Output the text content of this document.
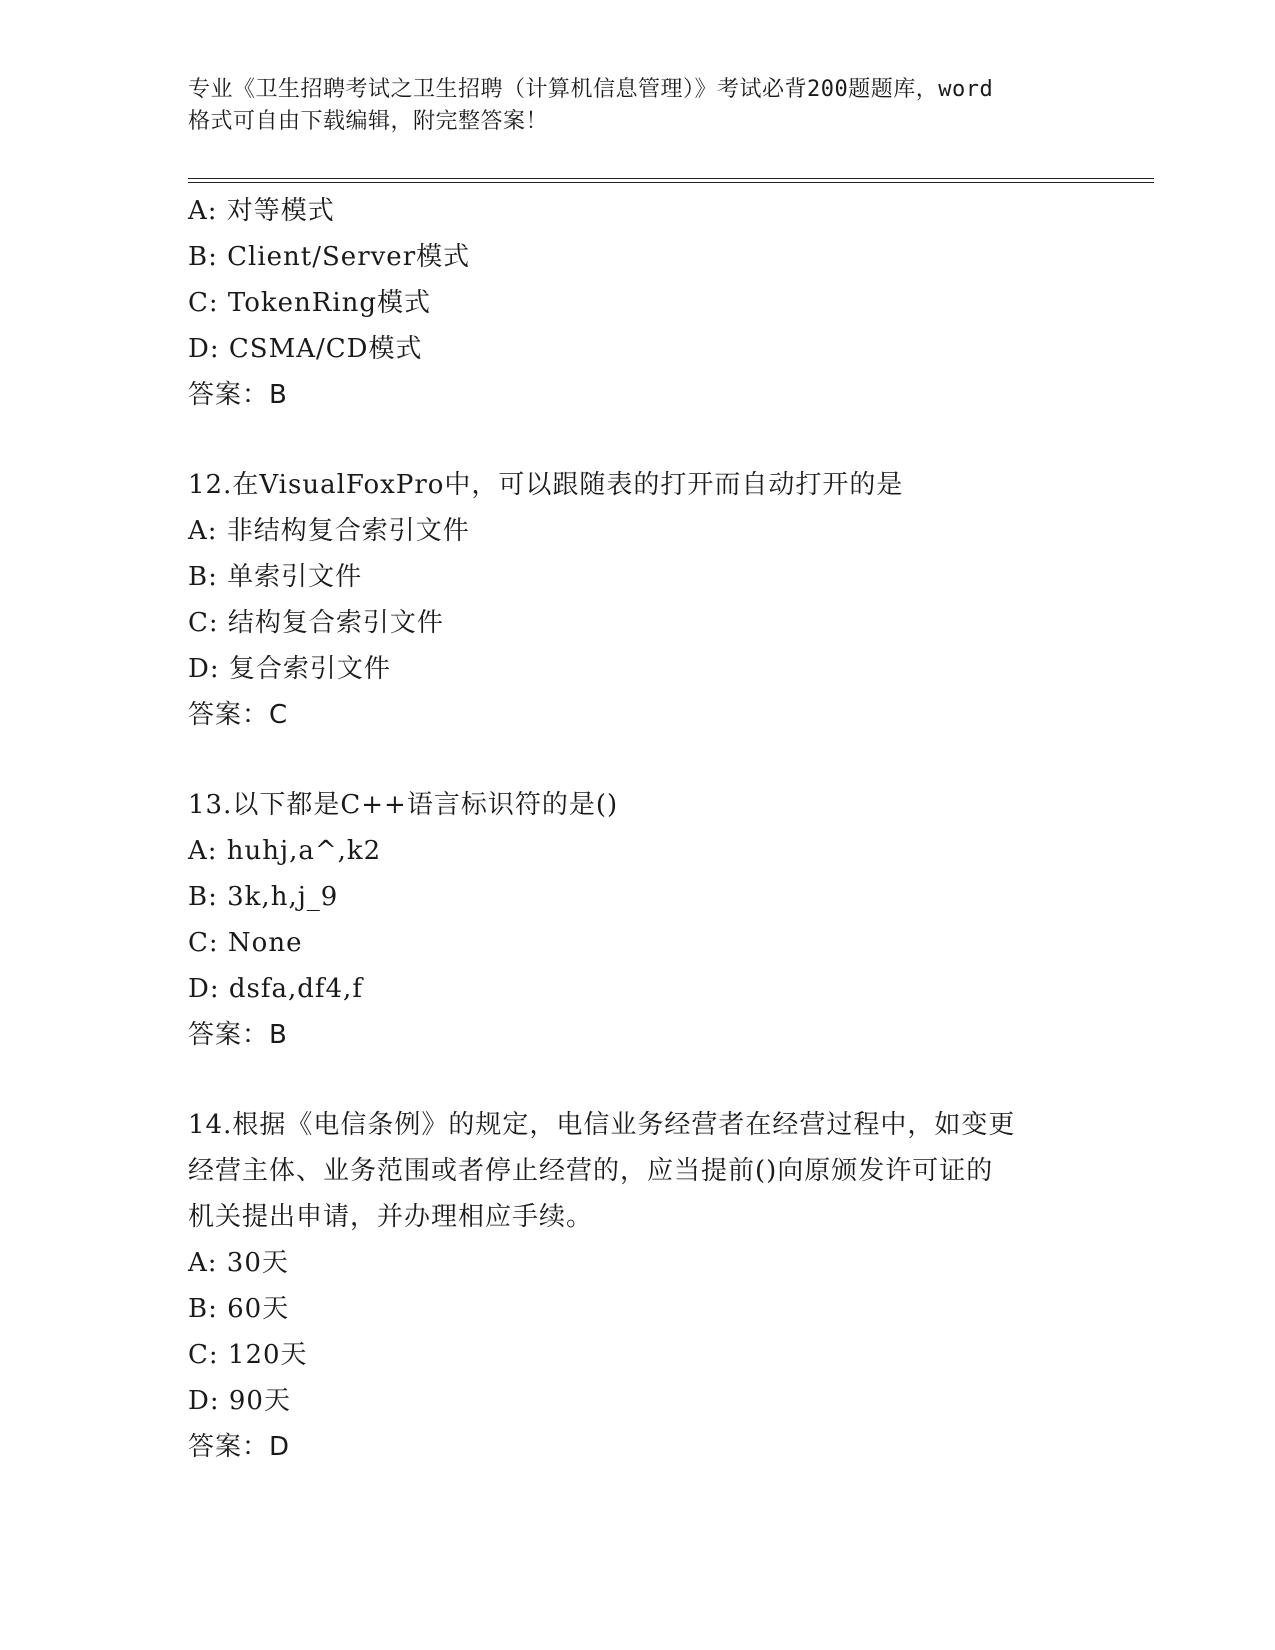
专业《卫生招聘考试之卫生招聘（计算机信息管理）》考试必背200题题库，word
格式可自由下载编辑，附完整答案！
A: 对等模式
B: Client/Server模式
C: TokenRing模式
D: CSMA/CD模式
答案：B
12.在VisualFoxPro中，可以跟随表的打开而自动打开的是
A: 非结构复合索引文件
B: 单索引文件
C: 结构复合索引文件
D: 复合索引文件
答案：C
13.以下都是C++语言标识符的是()
A: huhj,a^,k2
B: 3k,h,j_9
C: None
D: dsfa,df4,f
答案：B
14.根据《电信条例》的规定，电信业务经营者在经营过程中，如变更
经营主体、业务范围或者停止经营的，应当提前()向原颁发许可证的
机关提出申请，并办理相应手续。
A: 30天
B: 60天
C: 120天
D: 90天
答案：D
